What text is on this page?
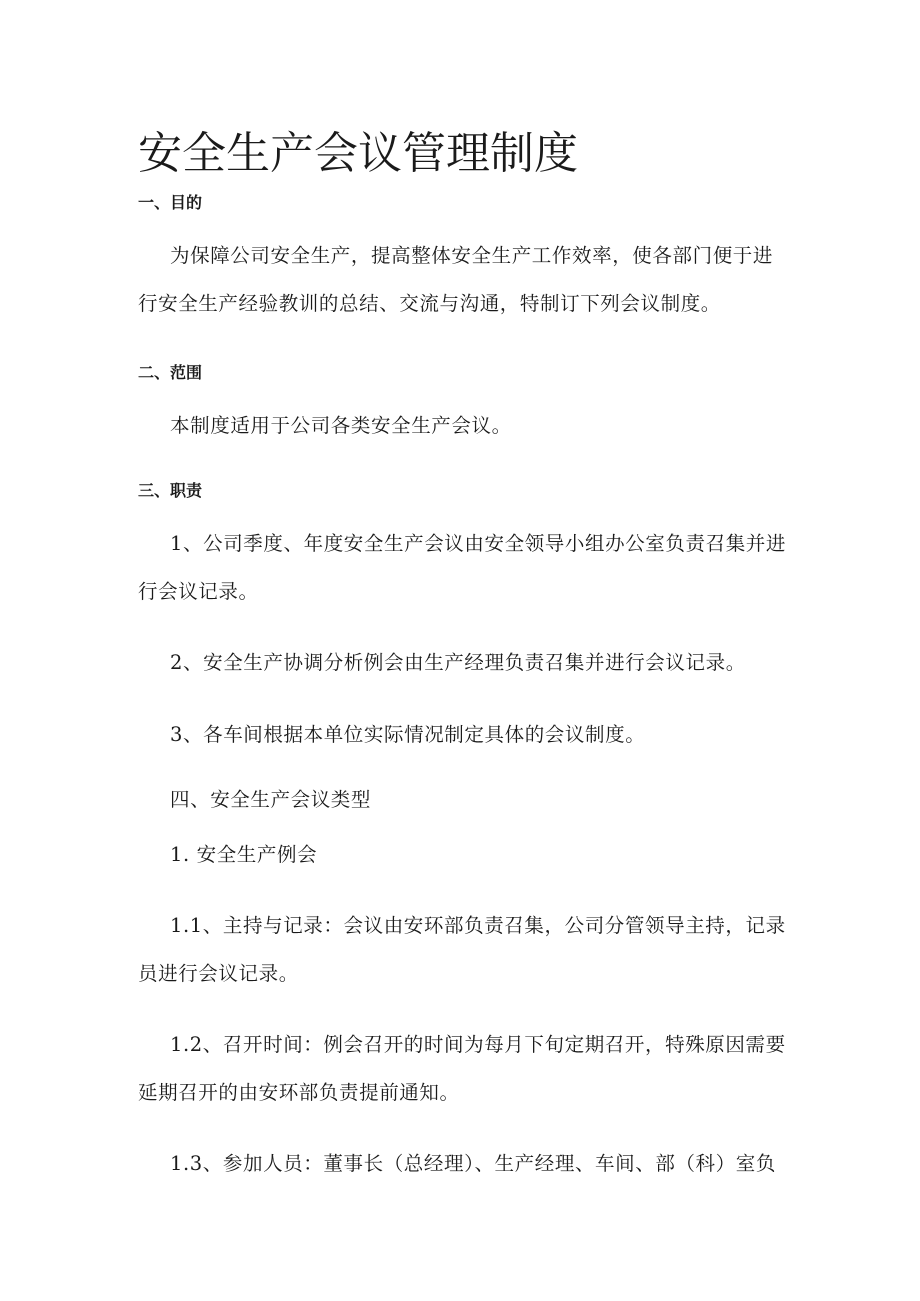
安全生产会议管理制度
一、目的
为保障公司安全生产，提高整体安全生产工作效率，使各部门便于进
行安全生产经验教训的总结、交流与沟通，特制订下列会议制度。
二、范围
本制度适用于公司各类安全生产会议。
三、职责
1、公司季度、年度安全生产会议由安全领导小组办公室负责召集并进
行会议记录。
2、安全生产协调分析例会由生产经理负责召集并进行会议记录。
3、各车间根据本单位实际情况制定具体的会议制度。
四、安全生产会议类型
1. 安全生产例会
1.1、主持与记录：会议由安环部负责召集，公司分管领导主持，记录
员进行会议记录。
1.2、召开时间：例会召开的时间为每月下旬定期召开，特殊原因需要
延期召开的由安环部负责提前通知。
1.3、参加人员：董事长（总经理）、生产经理、车间、部（科）室负
